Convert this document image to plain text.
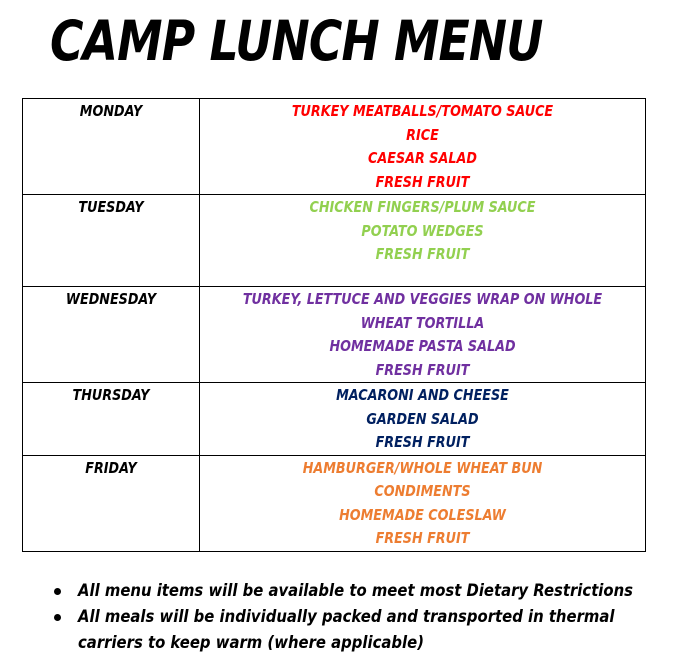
CAMP LUNCH MENU
MONDAY	TURKEY MEATBALLS/TOMATO SAUCE
RICE
CAESAR SALAD
FRESH FRUIT

TUESDAY	CHICKEN FINGERS/PLUM SAUCE
POTATO WEDGES
FRESH FRUIT

WEDNESDAY	TURKEY, LETTUCE AND VEGGIES WRAP ON WHOLE
WHEAT TORTILLA
HOMEMADE PASTA SALAD
FRESH FRUIT

THURSDAY	MACARONI AND CHEESE
GARDEN SALAD
FRESH FRUIT

FRIDAY	HAMBURGER/WHOLE WHEAT BUN
CONDIMENTS
HOMEMADE COLESLAW
FRESH FRUIT
All menu items will be available to meet most Dietary Restrictions
All meals will be individually packed and transported in thermal carriers to keep warm (where applicable)
